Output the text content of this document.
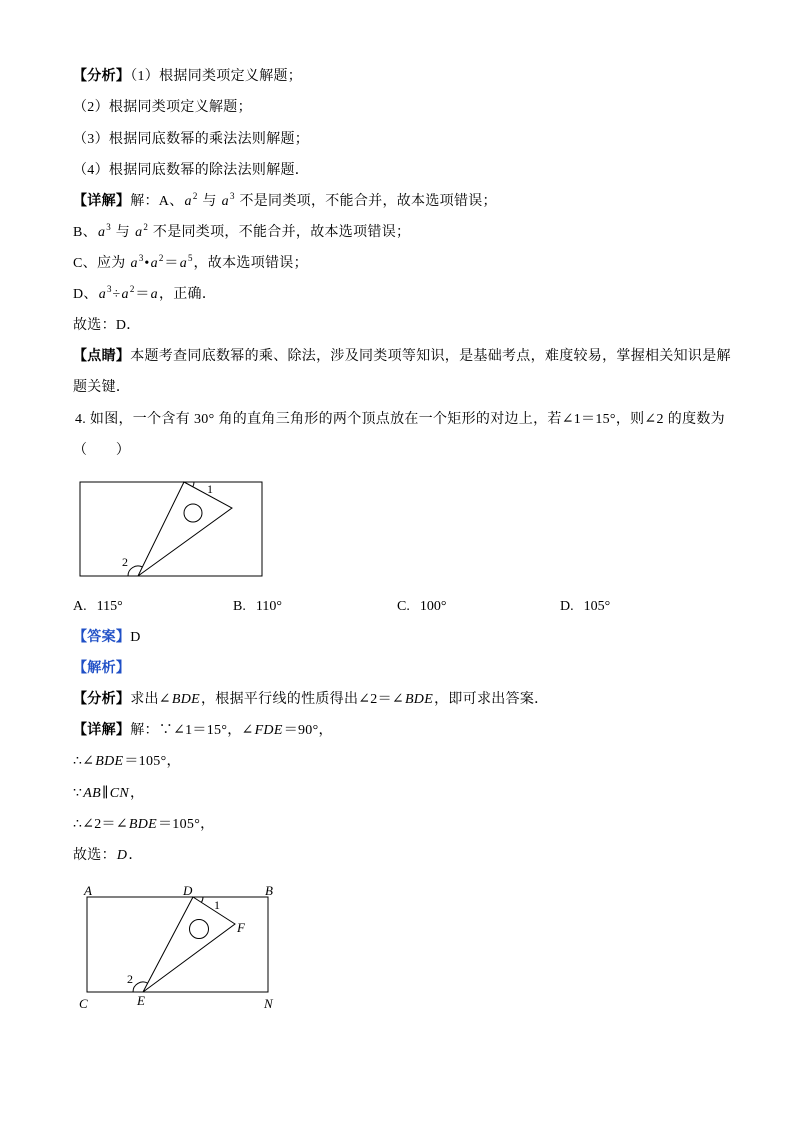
【分析】（1）根据同类项定义解题；
（2）根据同类项定义解题；
（3）根据同底数幂的乘法法则解题；
（4）根据同底数幂的除法法则解题．
【详解】解：A、$a^2$ 与 $a^3$ 不是同类项，不能合并，故本选项错误；
B、$a^3$ 与 $a^2$ 不是同类项，不能合并，故本选项错误；
C、应为 $a^3•a^2=a^5$，故本选项错误；
D、$a^3\div a^2=a$，正确．
故选：D．
【点睛】本题考查同底数幂的乘、除法，涉及同类项等知识，是基础考点，难度较易，掌握相关知识是解
题关键．
4. 如图，一个含有 30° 角的直角三角形的两个顶点放在一个矩形的对边上，若∠1＝15°，则∠2 的度数为
（　　）
1
2
A. 115°	B. 110°	C. 100°	D. 105°
【答案】D
【解析】
【分析】求出∠BDE，根据平行线的性质得出∠2＝∠BDE，即可求出答案．
【详解】解：∵∠1＝15°，∠FDE＝90°，
∴∠BDE＝105°，
∵AB∥CN，
∴∠2＝∠BDE＝105°，
故选：D．
A	D	B
C	E	N
F
1
2
